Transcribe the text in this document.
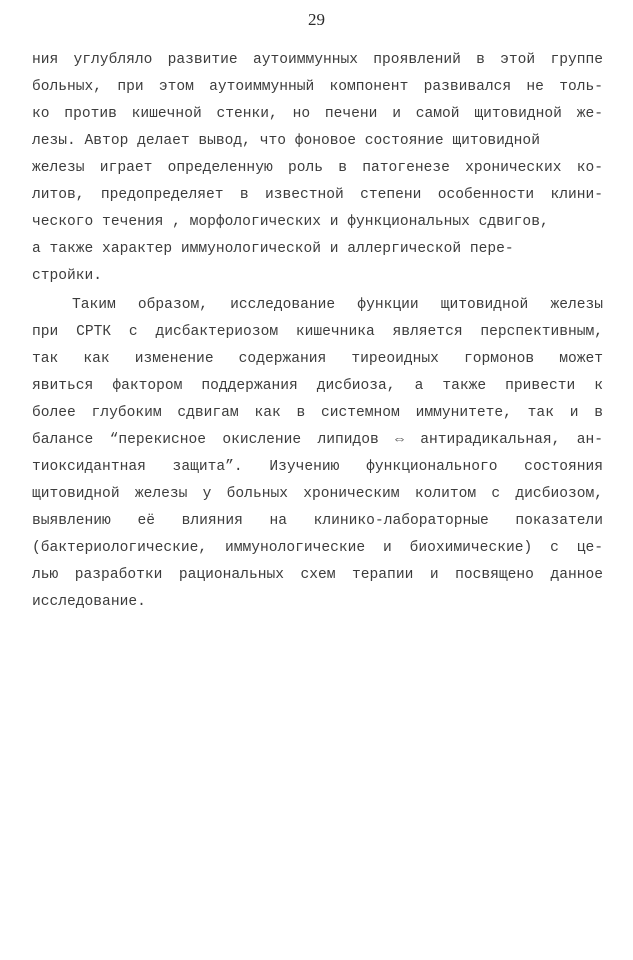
29
ния углубляло развитие аутоиммунных проявлений в этой группе
больных, при этом аутоиммунный компонент развивался не толь-
ко против кишечной стенки, но печени и самой щитовидной же-
лезы. Автор делает вывод, что фоновое состояние щитовидной
железы играет определенную роль в патогенезе хронических ко-
литов, предопределяет в известной степени особенности клини-
ческого течения , морфологических и функциональных сдвигов,
а также характер иммунологической и аллергической пере-
стройки.
Таким образом, исследование функции щитовидной железы
при СРТК с дисбактериозом кишечника является перспективным,
так как изменение содержания тиреоидных гормонов может
явиться фактором поддержания дисбиоза, а также привести к
более глубоким сдвигам как в системном иммунитете, так и в
балансе “перекисное окисление липидов ⇔ антирадикальная, ан-
тиоксидантная защита”. Изучению функционального состояния
щитовидной железы у больных хроническим колитом с дисбиозом,
выявлению её влияния на клинико-лабораторные показатели
(бактериологические, иммунологические и биохимические) с це-
лью разработки рациональных схем терапии и посвящено данное
исследование.
